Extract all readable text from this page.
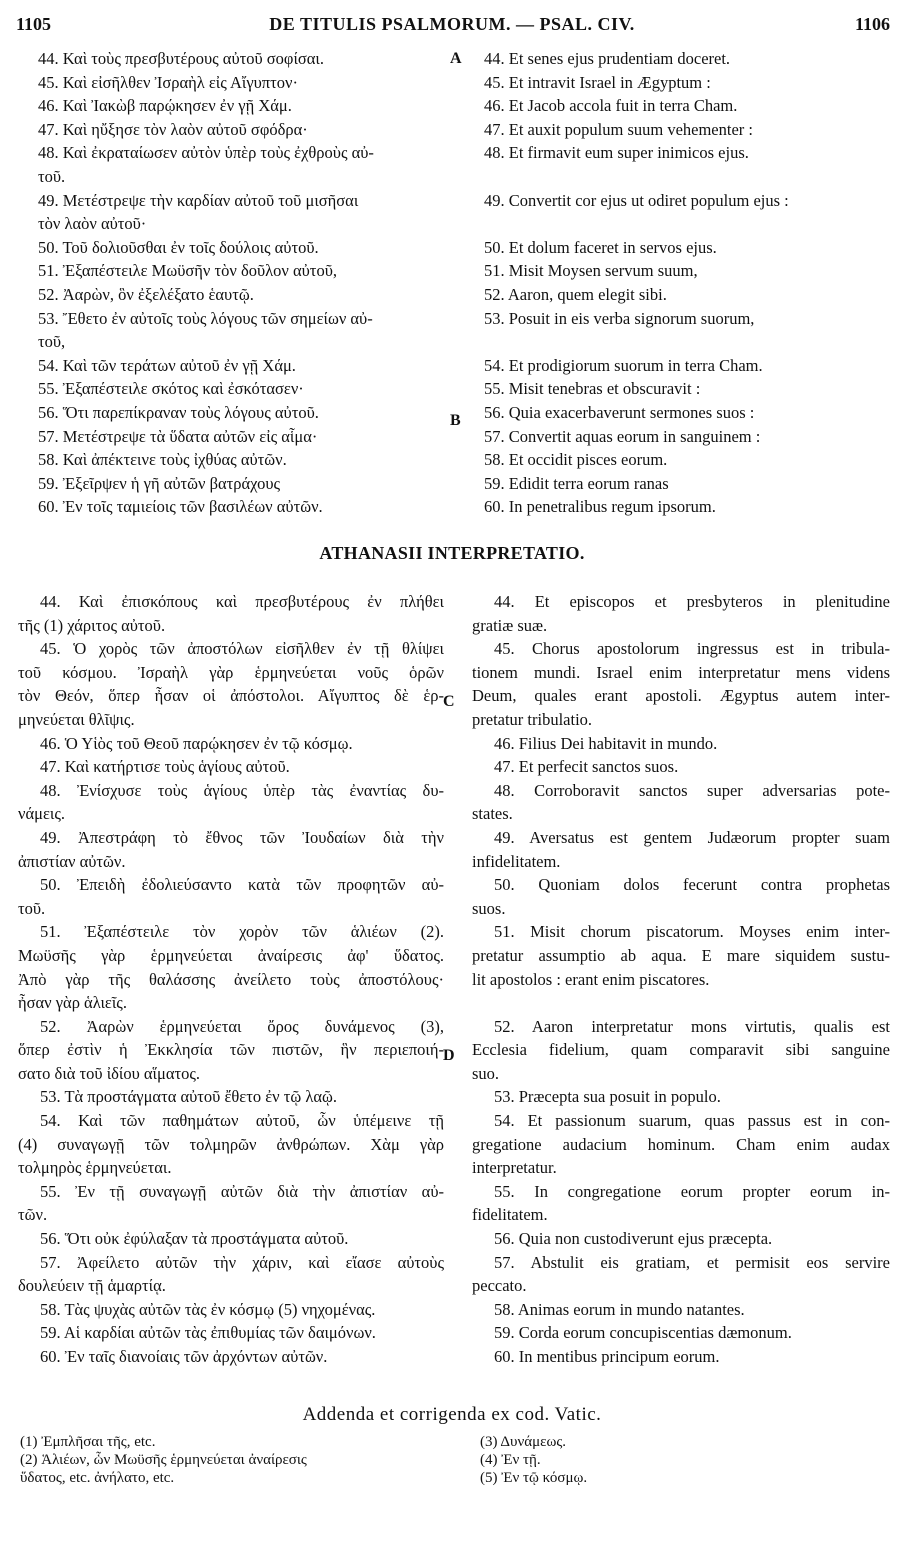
1105	DE TITULIS PSALMORUM. — PSAL. CIV.	1106
44. Καὶ τοὺς πρεσβυτέρους αὐτοῦ σοφίσαι.
45. Καὶ εἰσῆλθεν Ἰσραὴλ εἰς Αἴγυπτον·
46. Καὶ Ἰακὼβ παρῴκησεν ἐν γῇ Χάμ.
47. Καὶ ηὔξησε τὸν λαὸν αὐτοῦ σφόδρα·
48. Καὶ ἐκραταίωσεν αὐτὸν ὑπὲρ τοὺς ἐχθροὺς αὐ-
τοῦ.
49. Μετέστρεψε τὴν καρδίαν αὐτοῦ τοῦ μισῆσαι
τὸν λαὸν αὐτοῦ·
50. Τοῦ δολιοῦσθαι ἐν τοῖς δούλοις αὐτοῦ.
51. Ἐξαπέστειλε Μωϋσῆν τὸν δοῦλον αὐτοῦ,
52. Ἀαρὼν, ὃν ἐξελέξατο ἑαυτῷ.
53. Ἔθετο ἐν αὐτοῖς τοὺς λόγους τῶν σημείων αὐ-
τοῦ,
54. Καὶ τῶν τεράτων αὐτοῦ ἐν γῇ Χάμ.
55. Ἐξαπέστειλε σκότος καὶ ἐσκότασεν·
56. Ὅτι παρεπίκραναν τοὺς λόγους αὐτοῦ.
57. Μετέστρεψε τὰ ὕδατα αὐτῶν εἰς αἷμα·
58. Καὶ ἀπέκτεινε τοὺς ἰχθύας αὐτῶν.
59. Ἐξεῖρψεν ἡ γῆ αὐτῶν βατράχους
60. Ἐν τοῖς ταμιείοις τῶν βασιλέων αὐτῶν.
44. Et senes ejus prudentiam doceret.
45. Et intravit Israel in Ægyptum :
46. Et Jacob accola fuit in terra Cham.
47. Et auxit populum suum vehementer :
48. Et firmavit eum super inimicos ejus.
49. Convertit cor ejus ut odiret populum ejus :
50. Et dolum faceret in servos ejus.
51. Misit Moysen servum suum,
52. Aaron, quem elegit sibi.
53. Posuit in eis verba signorum suorum,
54. Et prodigiorum suorum in terra Cham.
55. Misit tenebras et obscuravit :
56. Quia exacerbaverunt sermones suos :
57. Convertit aquas eorum in sanguinem :
58. Et occidit pisces eorum.
59. Edidit terra eorum ranas
60. In penetralibus regum ipsorum.
A
B
ATHANASII INTERPRETATIO.
44. Καὶ ἐπισκόπους καὶ πρεσβυτέρους ἐν πλήθει
τῆς (1) χάριτος αὐτοῦ.
45. Ὁ χορὸς τῶν ἀποστόλων εἰσῆλθεν ἐν τῇ θλίψει
τοῦ κόσμου. Ἰσραὴλ γὰρ ἑρμηνεύεται νοῦς ὁρῶν
τὸν Θεόν, ὅπερ ἦσαν οἱ ἀπόστολοι. Αἴγυπτος δὲ ἑρ-
μηνεύεται θλῖψις.
46. Ὁ Υἱὸς τοῦ Θεοῦ παρῴκησεν ἐν τῷ κόσμῳ.
47. Καὶ κατήρτισε τοὺς ἁγίους αὐτοῦ.
48. Ἐνίσχυσε τοὺς ἁγίους ὑπὲρ τὰς ἐναντίας δυ-
νάμεις.
49. Ἀπεστράφη τὸ ἔθνος τῶν Ἰουδαίων διὰ τὴν
ἀπιστίαν αὐτῶν.
50. Ἐπειδὴ ἐδολιεύσαντο κατὰ τῶν προφητῶν αὐ-
τοῦ.
51. Ἐξαπέστειλε τὸν χορὸν τῶν ἁλιέων (2).
Μωϋσῆς γὰρ ἑρμηνεύεται ἀναίρεσις ἀφ' ὕδατος.
Ἀπὸ γὰρ τῆς θαλάσσης ἀνείλετο τοὺς ἀποστόλους·
ἦσαν γὰρ ἁλιεῖς.
52. Ἀαρὼν ἑρμηνεύεται ὄρος δυνάμενος (3),
ὅπερ ἐστὶν ἡ Ἐκκλησία τῶν πιστῶν, ἣν περιεποιή-
σατο διὰ τοῦ ἰδίου αἵματος.
53. Τὰ προστάγματα αὐτοῦ ἔθετο ἐν τῷ λαῷ.
54. Καὶ τῶν παθημάτων αὐτοῦ, ὧν ὑπέμεινε τῇ
(4) συναγωγῇ τῶν τολμηρῶν ἀνθρώπων. Χὰμ γὰρ
τολμηρὸς ἑρμηνεύεται.
55. Ἐν τῇ συναγωγῇ αὐτῶν διὰ τὴν ἀπιστίαν αὐ-
τῶν.
56. Ὅτι οὐκ ἐφύλαξαν τὰ προστάγματα αὐτοῦ.
57. Ἀφείλετο αὐτῶν τὴν χάριν, καὶ εἴασε αὐτοὺς
δουλεύειν τῇ ἁμαρτίᾳ.
58. Τὰς ψυχὰς αὐτῶν τὰς ἐν κόσμῳ (5) νηχομένας.
59. Αἱ καρδίαι αὐτῶν τὰς ἐπιθυμίας τῶν δαιμόνων.
60. Ἐν ταῖς διανοίαις τῶν ἀρχόντων αὐτῶν.
44. Et episcopos et presbyteros in plenitudine
gratiæ suæ.
45. Chorus apostolorum ingressus est in tribula-
tionem mundi. Israel enim interpretatur mens videns
Deum, quales erant apostoli. Ægyptus autem inter-
pretatur tribulatio.
46. Filius Dei habitavit in mundo.
47. Et perfecit sanctos suos.
48. Corroboravit sanctos super adversarias pote-
states.
49. Aversatus est gentem Judæorum propter suam
infidelitatem.
50. Quoniam dolos fecerunt contra prophetas
suos.
51. Misit chorum piscatorum. Moyses enim inter-
pretatur assumptio ab aqua. E mare siquidem sustu-
lit apostolos : erant enim piscatores.
52. Aaron interpretatur mons virtutis, qualis est
Ecclesia fidelium, quam comparavit sibi sanguine
suo.
53. Præcepta sua posuit in populo.
54. Et passionum suarum, quas passus est in con-
gregatione audacium hominum. Cham enim audax
interpretatur.
55. In congregatione eorum propter eorum in-
fidelitatem.
56. Quia non custodiverunt ejus præcepta.
57. Abstulit eis gratiam, et permisit eos servire
peccato.
58. Animas eorum in mundo natantes.
59. Corda eorum concupiscentias dæmonum.
60. In mentibus principum eorum.
C
D
Addenda et corrigenda ex cod. Vatic.
(1) Ἐμπλῆσαι τῆς, etc.
(2) Ἁλιέων, ὧν Μωϋσῆς ἑρμηνεύεται ἀναίρεσις
ὕδατος, etc. ἀνήλατο, etc.
(3) Δυνάμεως.
(4) Ἐν τῇ.
(5) Ἐν τῷ κόσμῳ.
